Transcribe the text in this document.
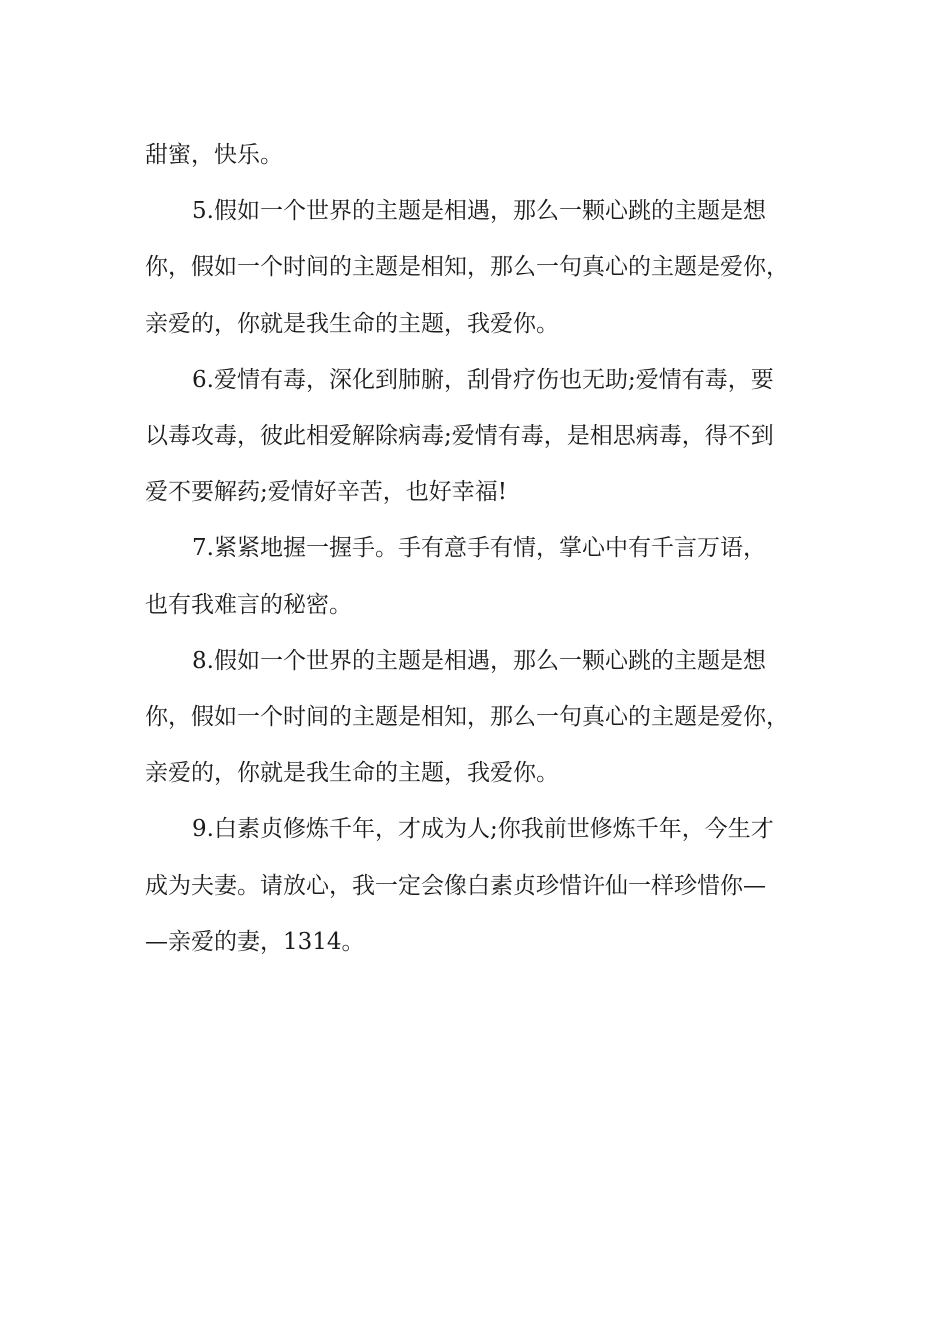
甜蜜，快乐。

5.假如一个世界的主题是相遇，那么一颗心跳的主题是想

你，假如一个时间的主题是相知，那么一句真心的主题是爱你，

亲爱的，你就是我生命的主题，我爱你。

6.爱情有毒，深化到肺腑，刮骨疗伤也无助;爱情有毒，要

以毒攻毒，彼此相爱解除病毒;爱情有毒，是相思病毒，得不到

爱不要解药;爱情好辛苦，也好幸福!

7.紧紧地握一握手。手有意手有情，掌心中有千言万语，

也有我难言的秘密。

8.假如一个世界的主题是相遇，那么一颗心跳的主题是想

你，假如一个时间的主题是相知，那么一句真心的主题是爱你，

亲爱的，你就是我生命的主题，我爱你。

9.白素贞修炼千年，才成为人;你我前世修炼千年，今生才

成为夫妻。请放心，我一定会像白素贞珍惜许仙一样珍惜你—

—亲爱的妻，1314。
